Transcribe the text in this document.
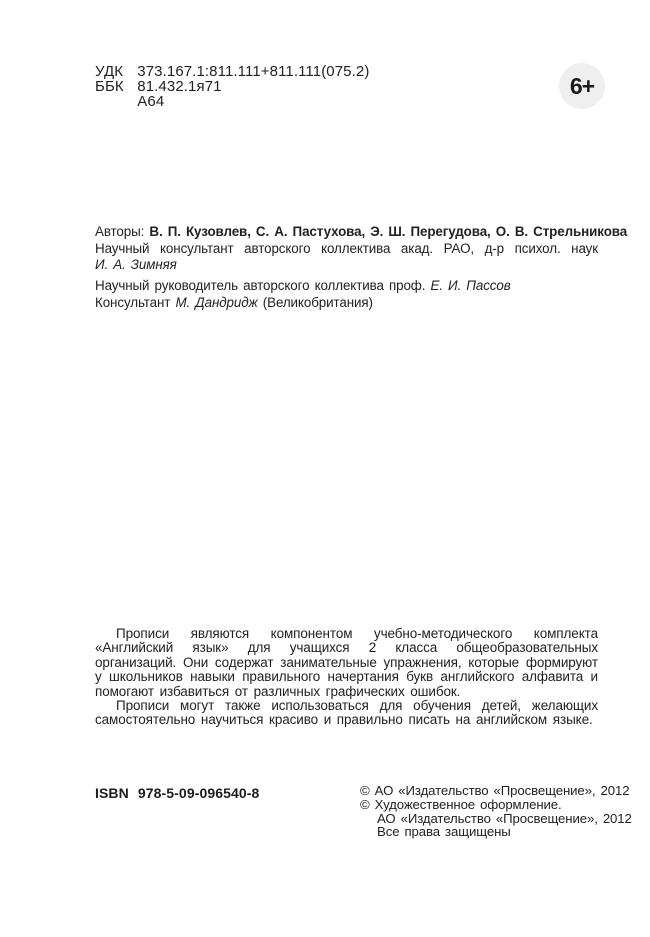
УДК 373.167.1:811.111+811.111(075.2)
ББК 81.432.1я71
А64
6+

Авторы: В. П. Кузовлев, С. А. Пастухова, Э. Ш. Перегудова, О. В. Стрельникова

Научный консультант авторского коллектива акад. РАО, д-р психол. наук
И. А. Зимняя

Научный руководитель авторского коллектива проф. Е. И. Пассов

Консультант М. Дандридж (Великобритания)

Прописи являются компонентом учебно-методического комплекта «Английский язык» для учащихся 2 класса общеобразовательных организаций. Они содержат занимательные упражнения, которые формируют у школьников навыки правильного начертания букв английского алфавита и помогают избавиться от различных графических ошибок.

Прописи могут также использоваться для обучения детей, желающих самостоятельно научиться красиво и правильно писать на английском языке.

ISBN 978-5-09-096540-8	© АО «Издательство «Просвещение», 2012
© Художественное оформление.
АО «Издательство «Просвещение», 2012
Все права защищены
